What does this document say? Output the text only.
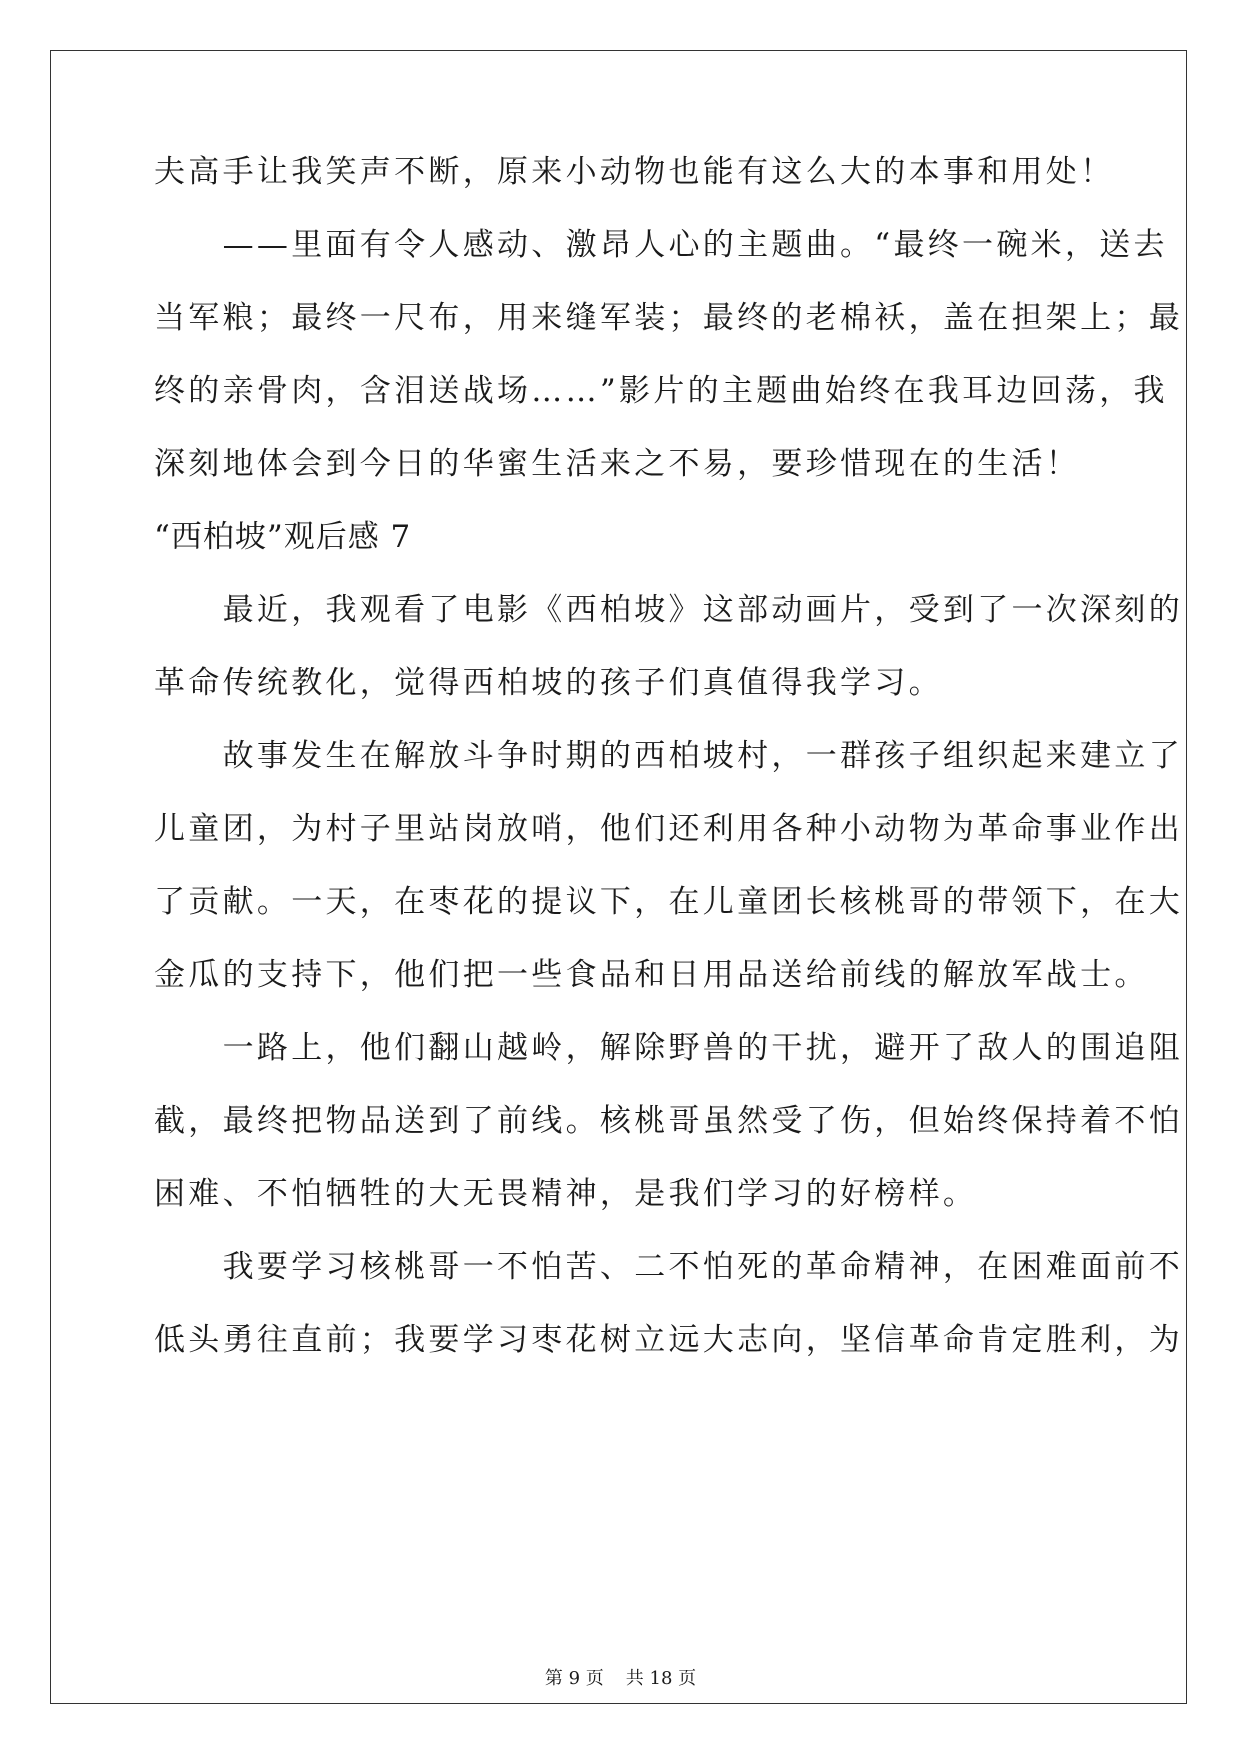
夫高手让我笑声不断，原来小动物也能有这么大的本事和用处！
　　——里面有令人感动、激昂人心的主题曲。“最终一碗米，送去
当军粮；最终一尺布，用来缝军装；最终的老棉袄，盖在担架上；最
终的亲骨肉，含泪送战场……”影片的主题曲始终在我耳边回荡，我
深刻地体会到今日的华蜜生活来之不易，要珍惜现在的生活！
“西柏坡”观后感 7
　　最近，我观看了电影《西柏坡》这部动画片，受到了一次深刻的
革命传统教化，觉得西柏坡的孩子们真值得我学习。
　　故事发生在解放斗争时期的西柏坡村，一群孩子组织起来建立了
儿童团，为村子里站岗放哨，他们还利用各种小动物为革命事业作出
了贡献。一天，在枣花的提议下，在儿童团长核桃哥的带领下，在大
金瓜的支持下，他们把一些食品和日用品送给前线的解放军战士。
　　一路上，他们翻山越岭，解除野兽的干扰，避开了敌人的围追阻
截，最终把物品送到了前线。核桃哥虽然受了伤，但始终保持着不怕
困难、不怕牺牲的大无畏精神，是我们学习的好榜样。
　　我要学习核桃哥一不怕苦、二不怕死的革命精神，在困难面前不
低头勇往直前；我要学习枣花树立远大志向，坚信革命肯定胜利，为
第 9 页 共 18 页
